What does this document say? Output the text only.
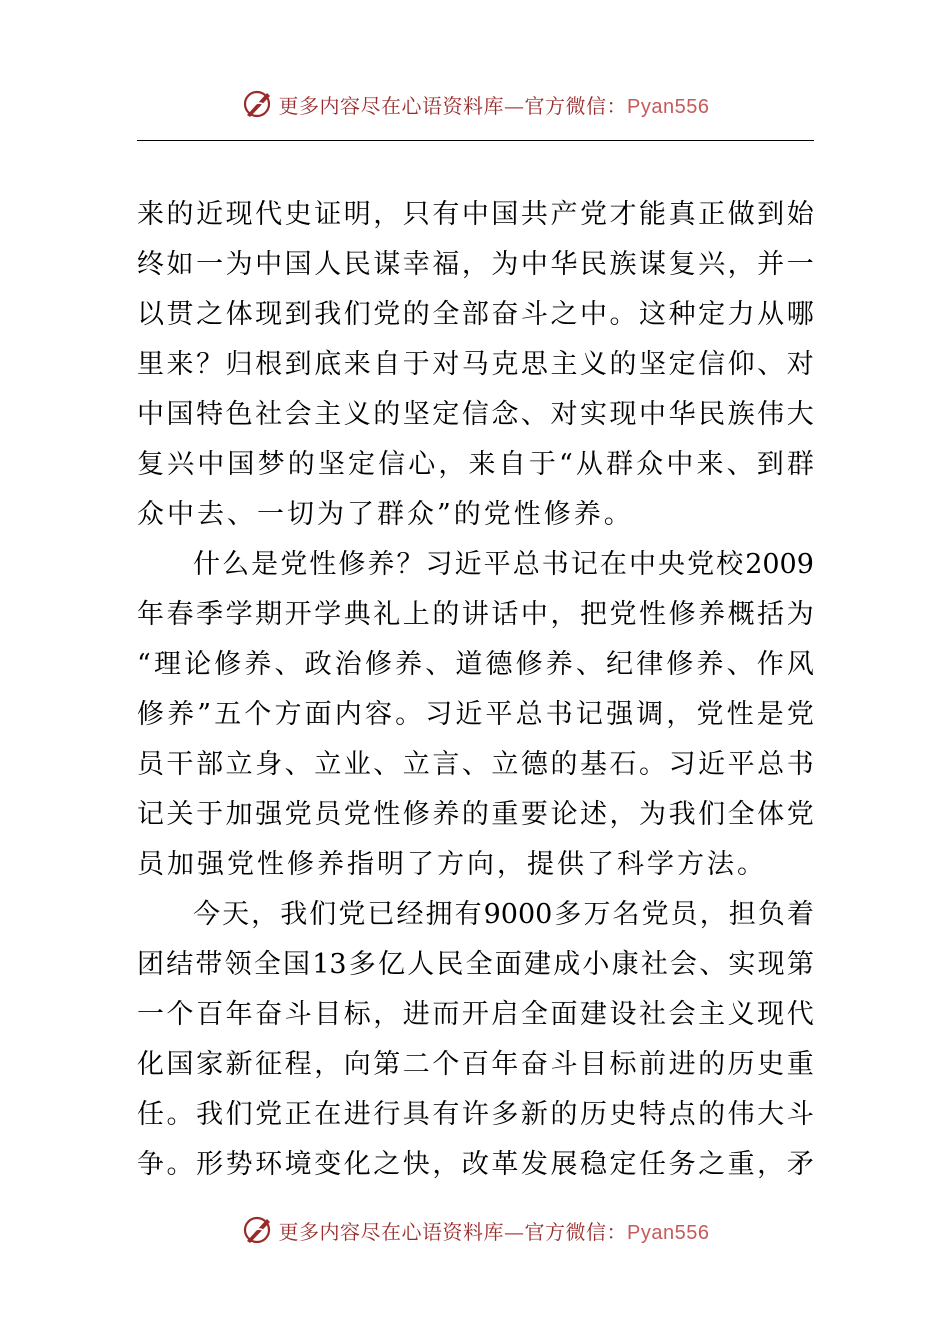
更多内容尽在心语资料库—官方微信：Pyan556
来 的 近 现 代 史 证 明 ， 只 有 中 国 共 产 党 才 能 真 正 做 到 始
终 如 一 为 中 国 人 民 谋 幸 福 ， 为 中 华 民 族 谋 复 兴 ， 并 一
以 贯 之 体 现 到 我 们 党 的 全 部 奋 斗 之 中 。 这 种 定 力 从 哪
里 来 ？ 归 根 到 底 来 自 于 对 马 克 思 主 义 的 坚 定 信 仰 、 对
中 国 特 色 社 会 主 义 的 坚 定 信 念 、 对 实 现 中 华 民 族 伟 大
复 兴 中 国 梦 的 坚 定 信 心 ， 来 自 于 “ 从 群 众 中 来 、 到 群
众中去、一切为了群众”的党性修养。
什 么 是 党 性 修 养 ？ 习 近 平 总 书 记 在 中 央 党 校 2009
年 春 季 学 期 开 学 典 礼 上 的 讲 话 中 ， 把 党 性 修 养 概 括 为
“ 理 论 修 养 、 政 治 修 养 、 道 德 修 养 、 纪 律 修 养 、 作 风
修 养 ” 五 个 方 面 内 容 。 习 近 平 总 书 记 强 调 ， 党 性 是 党
员 干 部 立 身 、 立 业 、 立 言 、 立 德 的 基 石 。 习 近 平 总 书
记 关 于 加 强 党 员 党 性 修 养 的 重 要 论 述 ， 为 我 们 全 体 党
员加强党性修养指明了方向，提供了科学方法。
今 天 ， 我 们 党 已 经 拥 有 9000 多 万 名 党 员 ， 担 负 着
团 结 带 领 全 国 13 多 亿 人 民 全 面 建 成 小 康 社 会 、 实 现 第
一 个 百 年 奋 斗 目 标 ， 进 而 开 启 全 面 建 设 社 会 主 义 现 代
化 国 家 新 征 程 ， 向 第 二 个 百 年 奋 斗 目 标 前 进 的 历 史 重
任 。 我 们 党 正 在 进 行 具 有 许 多 新 的 历 史 特 点 的 伟 大 斗
争 。 形 势 环 境 变 化 之 快 ， 改 革 发 展 稳 定 任 务 之 重 ， 矛
更多内容尽在心语资料库—官方微信：Pyan556
